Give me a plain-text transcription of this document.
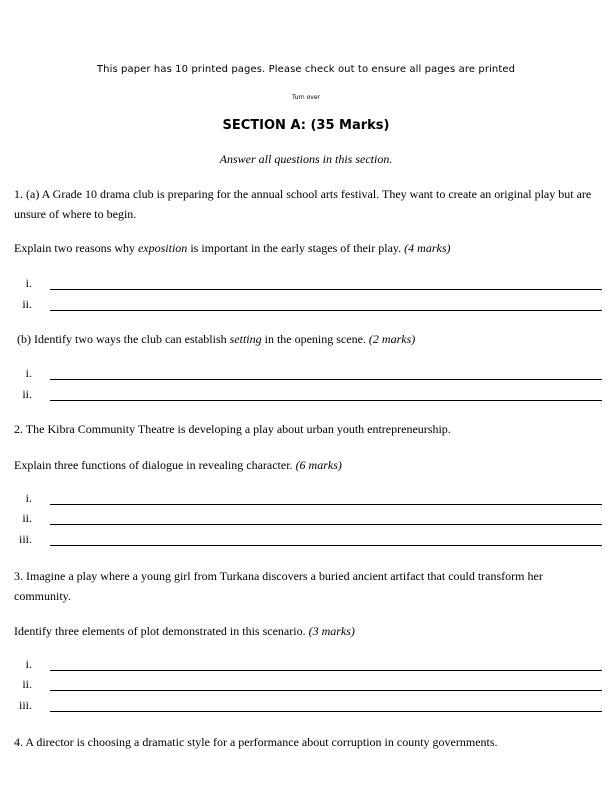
This paper has 10 printed pages. Please check out to ensure all pages are printed
Turn over
SECTION A: (35 Marks)
Answer all questions in this section.
1. (a) A Grade 10 drama club is preparing for the annual school arts festival. They want to create an original play but are unsure of where to begin.
Explain two reasons why exposition is important in the early stages of their play. (4 marks)
i.
ii.
(b) Identify two ways the club can establish setting in the opening scene. (2 marks)
i.
ii.
2. The Kibra Community Theatre is developing a play about urban youth entrepreneurship.
Explain three functions of dialogue in revealing character. (6 marks)
i.
ii.
iii.
3. Imagine a play where a young girl from Turkana discovers a buried ancient artifact that could transform her community.
Identify three elements of plot demonstrated in this scenario. (3 marks)
i.
ii.
iii.
4. A director is choosing a dramatic style for a performance about corruption in county governments.
